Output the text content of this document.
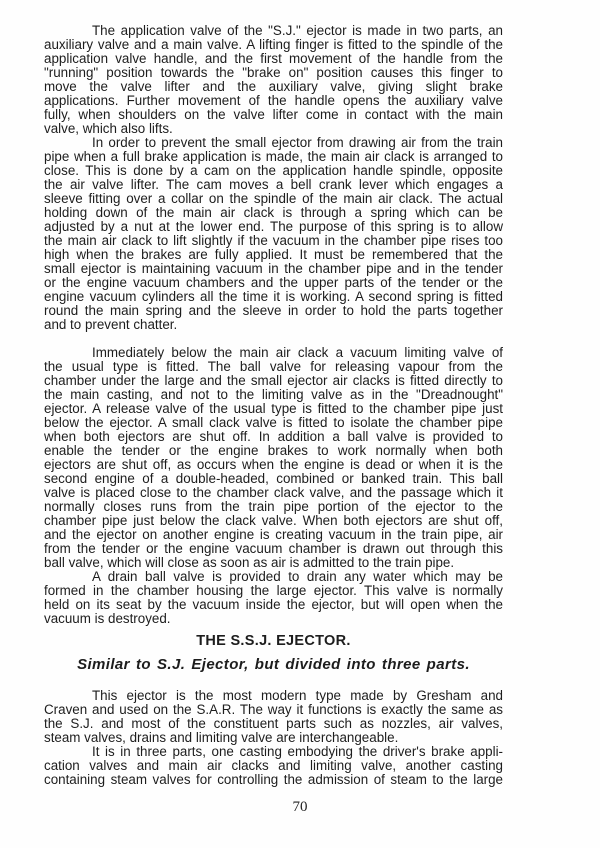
The application valve of the "S.J." ejector is made in two parts, an
auxiliary valve and a main valve. A lifting finger is fitted to the spindle of the
application valve handle, and the first movement of the handle from the
"running" position towards the "brake on" position causes this finger to
move the valve lifter and the auxiliary valve, giving slight brake
applications. Further movement of the handle opens the auxiliary valve
fully, when shoulders on the valve lifter come in contact with the main
valve, which also lifts.
In order to prevent the small ejector from drawing air from the train
pipe when a full brake application is made, the main air clack is arranged to
close. This is done by a cam on the application handle spindle, opposite
the air valve lifter. The cam moves a bell crank lever which engages a
sleeve fitting over a collar on the spindle of the main air clack. The actual
holding down of the main air clack is through a spring which can be
adjusted by a nut at the lower end. The purpose of this spring is to allow
the main air clack to lift slightly if the vacuum in the chamber pipe rises too
high when the brakes are fully applied. It must be remembered that the
small ejector is maintaining vacuum in the chamber pipe and in the tender
or the engine vacuum chambers and the upper parts of the tender or the
engine vacuum cylinders all the time it is working. A second spring is fitted
round the main spring and the sleeve in order to hold the parts together
and to prevent chatter.
Immediately below the main air clack a vacuum limiting valve of
the usual type is fitted. The ball valve for releasing vapour from the
chamber under the large and the small ejector air clacks is fitted directly to
the main casting, and not to the limiting valve as in the "Dreadnought"
ejector. A release valve of the usual type is fitted to the chamber pipe just
below the ejector. A small clack valve is fitted to isolate the chamber pipe
when both ejectors are shut off. In addition a ball valve is provided to
enable the tender or the engine brakes to work normally when both
ejectors are shut off, as occurs when the engine is dead or when it is the
second engine of a double-headed, combined or banked train. This ball
valve is placed close to the chamber clack valve, and the passage which it
normally closes runs from the train pipe portion of the ejector to the
chamber pipe just below the clack valve. When both ejectors are shut off,
and the ejector on another engine is creating vacuum in the train pipe, air
from the tender or the engine vacuum chamber is drawn out through this
ball valve, which will close as soon as air is admitted to the train pipe.
A drain ball valve is provided to drain any water which may be
formed in the chamber housing the large ejector. This valve is normally
held on its seat by the vacuum inside the ejector, but will open when the
vacuum is destroyed.
THE S.S.J. EJECTOR.
Similar to S.J. Ejector, but divided into three parts.
This ejector is the most modern type made by Gresham and
Craven and used on the S.A.R. The way it functions is exactly the same as
the S.J. and most of the constituent parts such as nozzles, air valves,
steam valves, drains and limiting valve are interchangeable.
It is in three parts, one casting embodying the driver's brake appli-
cation valves and main air clacks and limiting valve, another casting
containing steam valves for controlling the admission of steam to the large
70
